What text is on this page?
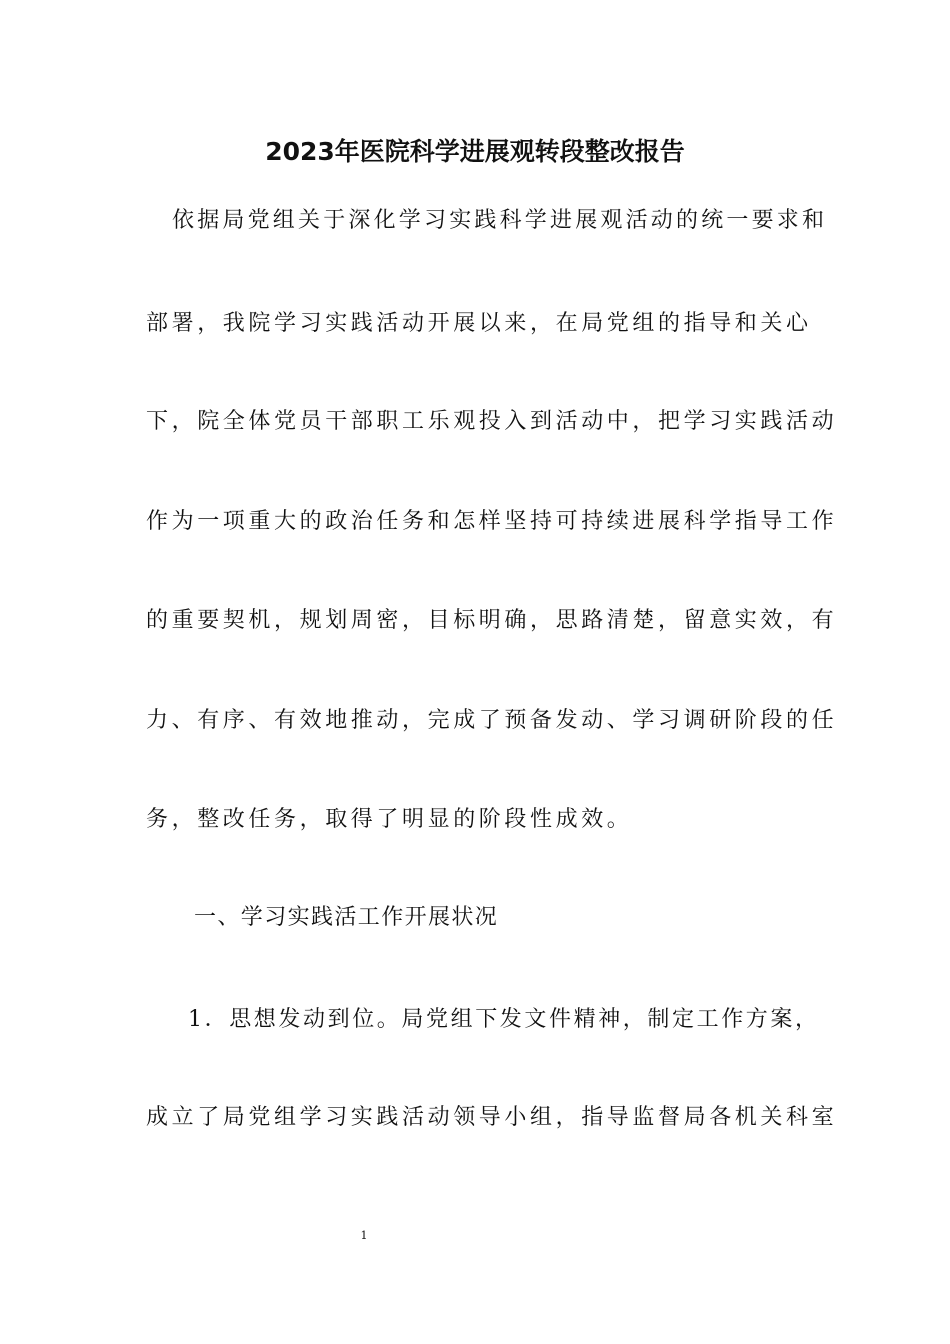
2023年医院科学进展观转段整改报告
依据局党组关于深化学习实践科学进展观活动的统一要求和
部署，我院学习实践活动开展以来，在局党组的指导和关心
下，院全体党员干部职工乐观投入到活动中，把学习实践活动
作为一项重大的政治任务和怎样坚持可持续进展科学指导工作
的重要契机，规划周密，目标明确，思路清楚，留意实效，有
力、有序、有效地推动，完成了预备发动、学习调研阶段的任
务，整改任务，取得了明显的阶段性成效。
一、学习实践活工作开展状况
1．思想发动到位。局党组下发文件精神，制定工作方案，
成立了局党组学习实践活动领导小组，指导监督局各机关科室
1
